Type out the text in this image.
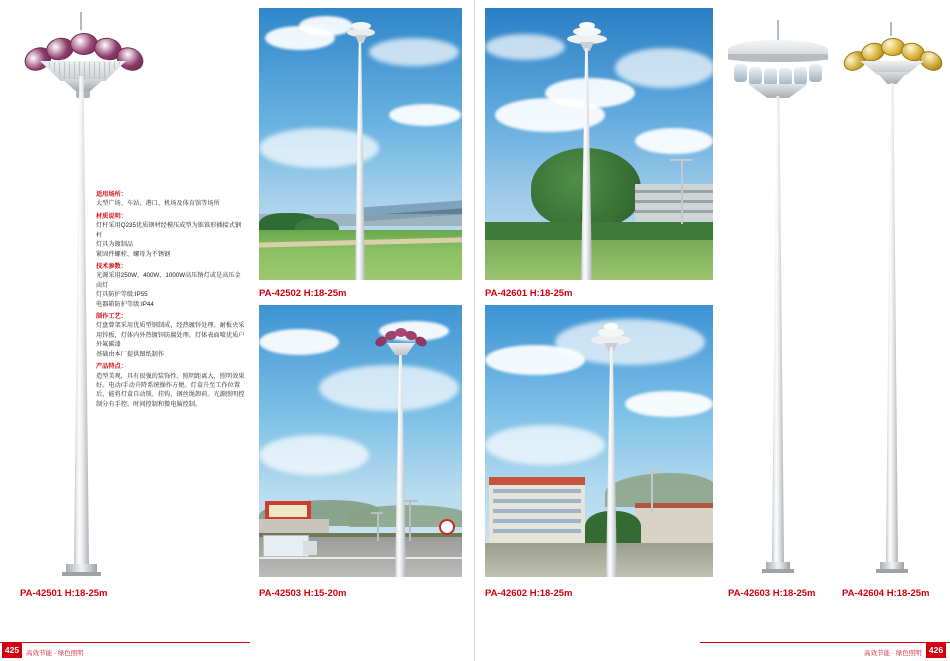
PA-42501 H:18-25m
适用场所：

大型广场、车站、港口、机场及体育馆等场所

材质说明：

灯杆采用Q235优质钢材经模压成型为锥锥形插接式钢杆

灯具为镀制品

紧固件螺栓、螺母为不锈钢

技术参数：

光源采用250W、400W、1000W高压钠灯或是高压金卤灯

灯具防护等级:IP55

电器箱防护等级:IP44

制作工艺：

灯盘曾架采用优质型钢制成，经热镀锌处理。耐板央采用锌板，灯体内外热镀锌防腐处理。灯体表面喷优质户外氟碳漆

基础由本厂提供图纸制作

产品特点：

造型美观，具有很强的装饰性。照明距离大，照明效果好。电动/手动升降系统操作方便。灯盒升至工作位置后，能将灯盒自动锁、挂钩、钢丝绳卸荷。光源照明控制分有手控、时间控制和微电脑控制。

PA-42502 H:18-25m
PA-42503 H:15-20m
PA-42601 H:18-25m
PA-42602 H:18-25m	PA-42603 H:18-25m	PA-42604 H:18-25m
425	高效节能 · 绿色照明	426
高效节能 · 绿色照明
